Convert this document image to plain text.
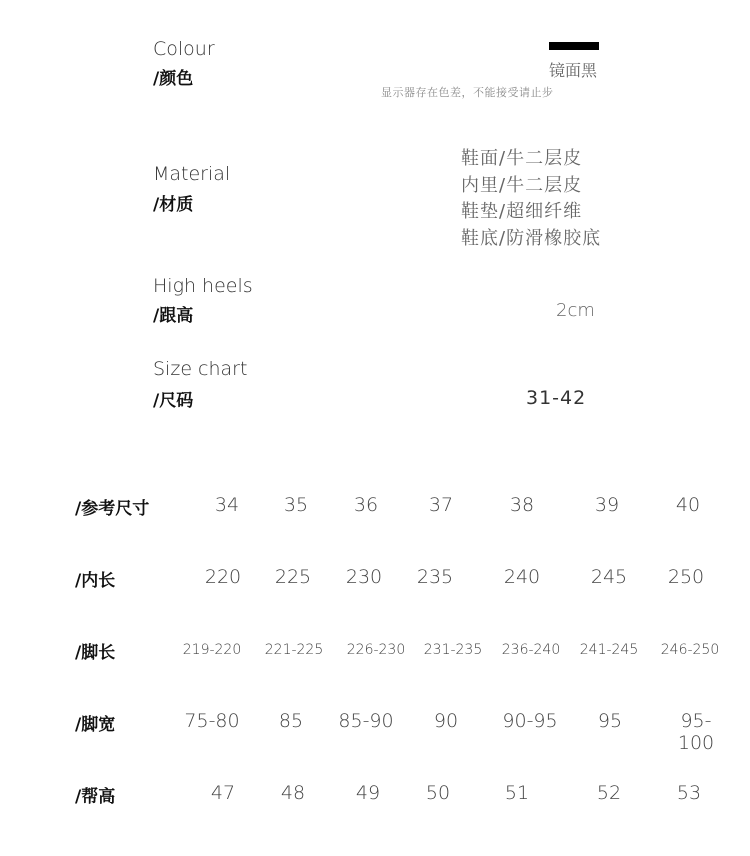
Colour
/颜色	镜面黑
显示器存在色差，不能接受请止步
Material
/材质
鞋面/牛二层皮
内里/牛二层皮
鞋垫/超细纤维
鞋底/防滑橡胶底
High heels
/跟高	2cm
Size chart
/尺码	31-42
/参考尺寸	34 35 36	37	38	39	40
/内长	220 225 230 235	240	245 250
/脚长	219-220 221-225 226-230 231-235 236-240 241-245 246-250
/脚宽	75-80 85 85-90 90 90-95 95	95-100
/帮高	47 48	49 50	51	52	53
